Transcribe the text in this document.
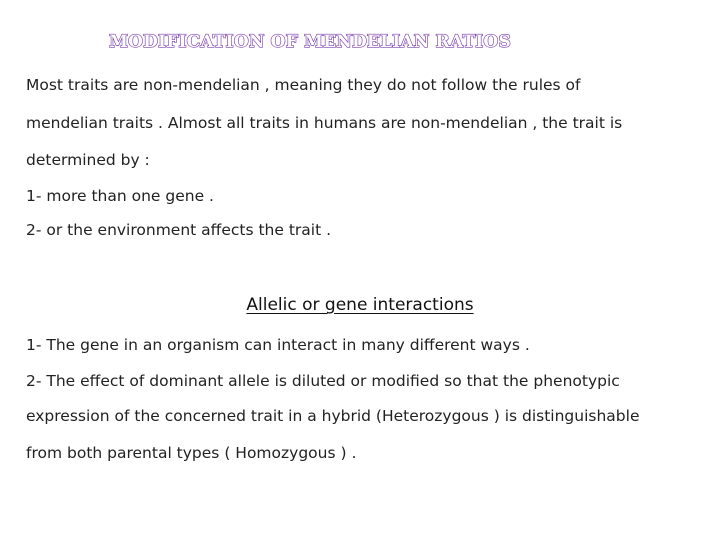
MODIFICATION OF MENDELIAN RATIOS
Most traits are non-mendelian , meaning they do not follow the rules of
mendelian traits . Almost all traits in humans are non-mendelian , the trait is
determined by :
1- more than one gene .
2- or the environment affects the trait .
Allelic or gene interactions
1- The gene in an organism can interact in many different ways .
2- The effect of dominant allele is diluted or modified so that the phenotypic
expression of the concerned trait in a hybrid (Heterozygous ) is distinguishable
from both parental types ( Homozygous ) .
